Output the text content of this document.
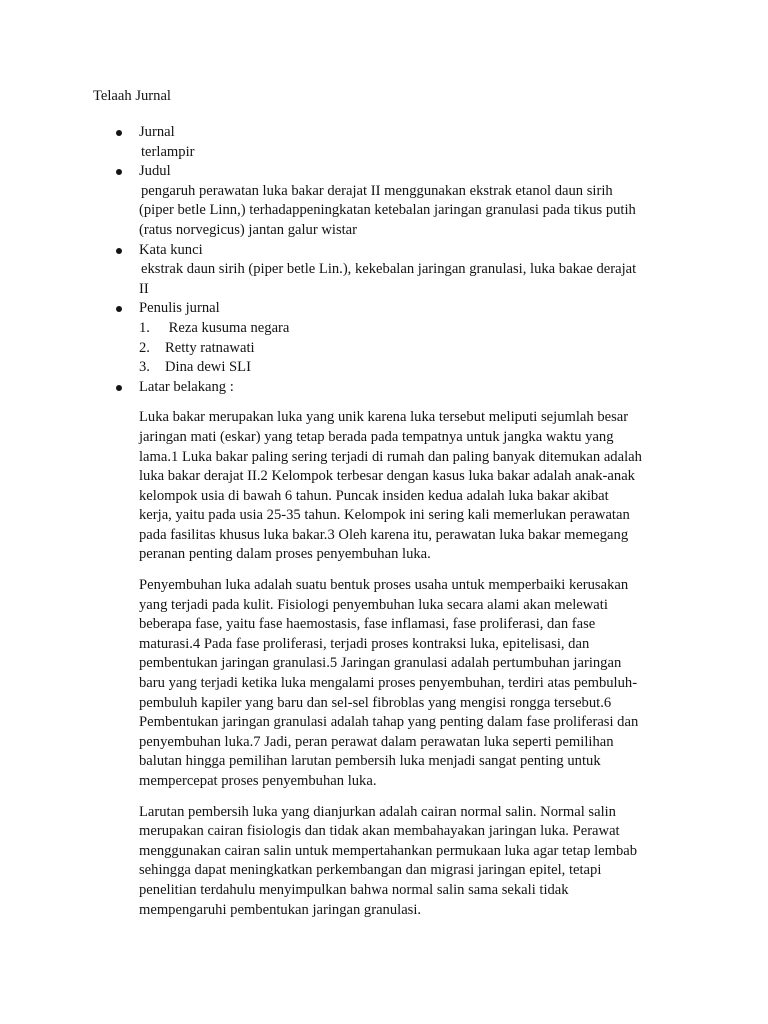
Telaah Jurnal
Jurnal
terlampir
Judul
pengaruh perawatan luka bakar derajat II menggunakan ekstrak etanol daun sirih
(piper betle Linn,) terhadappeningkatan ketebalan jaringan granulasi pada tikus putih
(ratus norvegicus) jantan galur wistar
Kata kunci
ekstrak daun sirih (piper betle Lin.), kekebalan jaringan granulasi, luka bakae derajat
II
Penulis jurnal
1. Reza kusuma negara
2. Retty ratnawati
3. Dina dewi SLI
Latar belakang :

Luka bakar merupakan luka yang unik karena luka tersebut meliputi sejumlah besar
jaringan mati (eskar) yang tetap berada pada tempatnya untuk jangka waktu yang
lama.1 Luka bakar paling sering terjadi di rumah dan paling banyak ditemukan adalah
luka bakar derajat II.2 Kelompok terbesar dengan kasus luka bakar adalah anak-anak
kelompok usia di bawah 6 tahun. Puncak insiden kedua adalah luka bakar akibat
kerja, yaitu pada usia 25-35 tahun. Kelompok ini sering kali memerlukan perawatan
pada fasilitas khusus luka bakar.3 Oleh karena itu, perawatan luka bakar memegang
peranan penting dalam proses penyembuhan luka.

Penyembuhan luka adalah suatu bentuk proses usaha untuk memperbaiki kerusakan
yang terjadi pada kulit. Fisiologi penyembuhan luka secara alami akan melewati
beberapa fase, yaitu fase haemostasis, fase inflamasi, fase proliferasi, dan fase
maturasi.4 Pada fase proliferasi, terjadi proses kontraksi luka, epitelisasi, dan
pembentukan jaringan granulasi.5 Jaringan granulasi adalah pertumbuhan jaringan
baru yang terjadi ketika luka mengalami proses penyembuhan, terdiri atas pembuluh-
pembuluh kapiler yang baru dan sel-sel fibroblas yang mengisi rongga tersebut.6
Pembentukan jaringan granulasi adalah tahap yang penting dalam fase proliferasi dan
penyembuhan luka.7 Jadi, peran perawat dalam perawatan luka seperti pemilihan
balutan hingga pemilihan larutan pembersih luka menjadi sangat penting untuk
mempercepat proses penyembuhan luka.

Larutan pembersih luka yang dianjurkan adalah cairan normal salin. Normal salin
merupakan cairan fisiologis dan tidak akan membahayakan jaringan luka. Perawat
menggunakan cairan salin untuk mempertahankan permukaan luka agar tetap lembab
sehingga dapat meningkatkan perkembangan dan migrasi jaringan epitel, tetapi
penelitian terdahulu menyimpulkan bahwa normal salin sama sekali tidak
mempengaruhi pembentukan jaringan granulasi.
